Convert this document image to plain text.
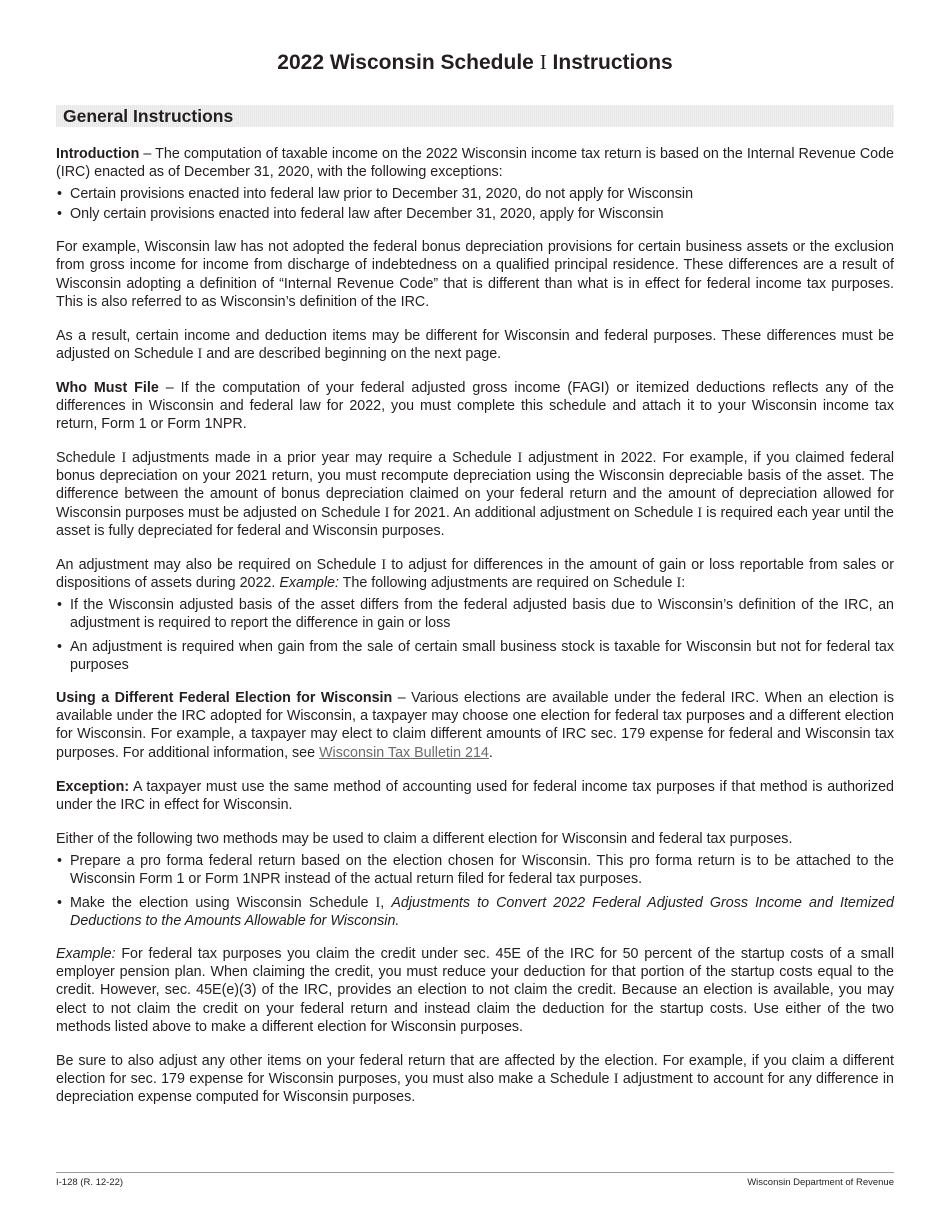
2022 Wisconsin Schedule I Instructions
General Instructions

Introduction – The computation of taxable income on the 2022 Wisconsin income tax return is based on the Internal Revenue Code (IRC) enacted as of December 31, 2020, with the following exceptions:

• Certain provisions enacted into federal law prior to December 31, 2020, do not apply for Wisconsin
• Only certain provisions enacted into federal law after December 31, 2020, apply for Wisconsin

For example, Wisconsin law has not adopted the federal bonus depreciation provisions for certain business assets or the exclusion from gross income for income from discharge of indebtedness on a qualified principal residence. These differences are a result of Wisconsin adopting a definition of “Internal Revenue Code” that is different than what is in effect for federal income tax purposes. This is also referred to as Wisconsin’s definition of the IRC.

As a result, certain income and deduction items may be different for Wisconsin and federal purposes. These differences must be adjusted on Schedule I and are described beginning on the next page.

Who Must File – If the computation of your federal adjusted gross income (FAGI) or itemized deductions reflects any of the differences in Wisconsin and federal law for 2022, you must complete this schedule and attach it to your Wisconsin income tax return, Form 1 or Form 1NPR.

Schedule I adjustments made in a prior year may require a Schedule I adjustment in 2022. For example, if you claimed federal bonus depreciation on your 2021 return, you must recompute depreciation using the Wisconsin depreciable basis of the asset. The difference between the amount of bonus depreciation claimed on your federal return and the amount of depreciation allowed for Wisconsin purposes must be adjusted on Schedule I for 2021. An additional adjustment on Schedule I is required each year until the asset is fully depreciated for federal and Wisconsin purposes.

An adjustment may also be required on Schedule I to adjust for differences in the amount of gain or loss reportable from sales or dispositions of assets during 2022. Example: The following adjustments are required on Schedule I:

• If the Wisconsin adjusted basis of the asset differs from the federal adjusted basis due to Wisconsin’s definition of the IRC, an adjustment is required to report the difference in gain or loss
• An adjustment is required when gain from the sale of certain small business stock is taxable for Wisconsin but not for federal tax purposes

Using a Different Federal Election for Wisconsin – Various elections are available under the federal IRC. When an election is available under the IRC adopted for Wisconsin, a taxpayer may choose one election for federal tax purposes and a different election for Wisconsin. For example, a taxpayer may elect to claim different amounts of IRC sec. 179 expense for federal and Wisconsin tax purposes. For additional information, see Wisconsin Tax Bulletin 214.

Exception: A taxpayer must use the same method of accounting used for federal income tax purposes if that method is authorized under the IRC in effect for Wisconsin.

Either of the following two methods may be used to claim a different election for Wisconsin and federal tax purposes.

• Prepare a pro forma federal return based on the election chosen for Wisconsin. This pro forma return is to be attached to the Wisconsin Form 1 or Form 1NPR instead of the actual return filed for federal tax purposes.
• Make the election using Wisconsin Schedule I, Adjustments to Convert 2022 Federal Adjusted Gross Income and Itemized Deductions to the Amounts Allowable for Wisconsin.

Example: For federal tax purposes you claim the credit under sec. 45E of the IRC for 50 percent of the startup costs of a small employer pension plan. When claiming the credit, you must reduce your deduction for that portion of the startup costs equal to the credit. However, sec. 45E(e)(3) of the IRC, provides an election to not claim the credit. Because an election is available, you may elect to not claim the credit on your federal return and instead claim the deduction for the startup costs. Use either of the two methods listed above to make a different election for Wisconsin purposes.

Be sure to also adjust any other items on your federal return that are affected by the election. For example, if you claim a different election for sec. 179 expense for Wisconsin purposes, you must also make a Schedule I adjustment to account for any difference in depreciation expense computed for Wisconsin purposes.

I-128 (R. 12-22)	Wisconsin Department of Revenue
